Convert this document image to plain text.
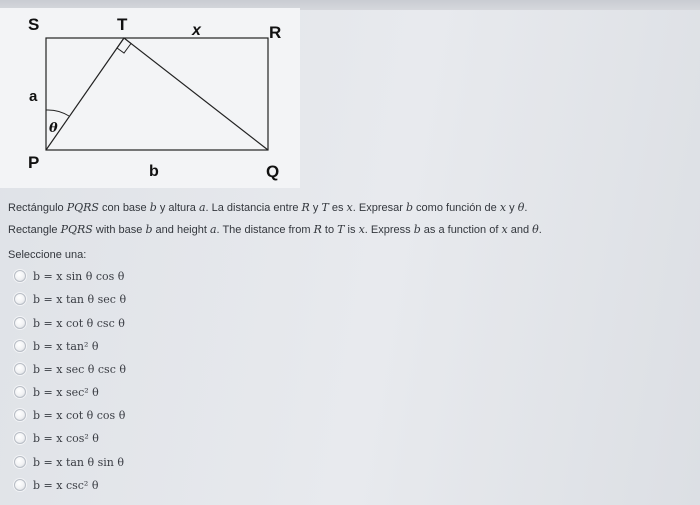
S	T	x	R
a
θ
P	b	Q
Rectángulo PQRS con base b y altura a. La distancia entre R y T es x. Expresar b como función de x y θ.
Rectangle PQRS with base b and height a. The distance from R to T is x. Express b as a function of x and θ.
Seleccione una:
b = x sin θ cos θ
b = x tan θ sec θ
b = x cot θ csc θ
b = x tan² θ
b = x sec θ csc θ
b = x sec² θ
b = x cot θ cos θ
b = x cos² θ
b = x tan θ sin θ
b = x csc² θ
